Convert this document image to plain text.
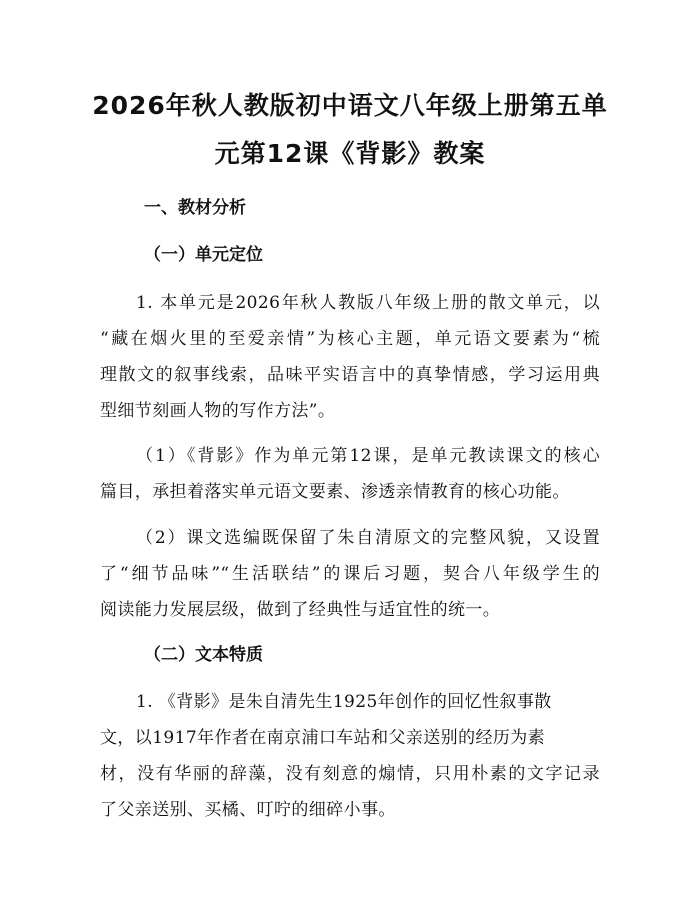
2026年秋人教版初中语文八年级上册第五单
元第12课《背影》教案
一、教材分析
（一）单元定位

1. 本单元是2026年秋人教版八年级上册的散文单元，以

“藏在烟火里的至爱亲情”为核心主题，单元语文要素为“梳

理散文的叙事线索，品味平实语言中的真挚情感，学习运用典

型细节刻画人物的写作方法”。

（1）《背影》作为单元第12课，是单元教读课文的核心

篇目，承担着落实单元语文要素、渗透亲情教育的核心功能。

（2）课文选编既保留了朱自清原文的完整风貌，又设置

了“细节品味”“生活联结”的课后习题，契合八年级学生的

阅读能力发展层级，做到了经典性与适宜性的统一。

（二）文本特质

1. 《背影》是朱自清先生1925年创作的回忆性叙事散

文，以1917年作者在南京浦口车站和父亲送别的经历为素

材，没有华丽的辞藻，没有刻意的煽情，只用朴素的文字记录

了父亲送别、买橘、叮咛的细碎小事。
